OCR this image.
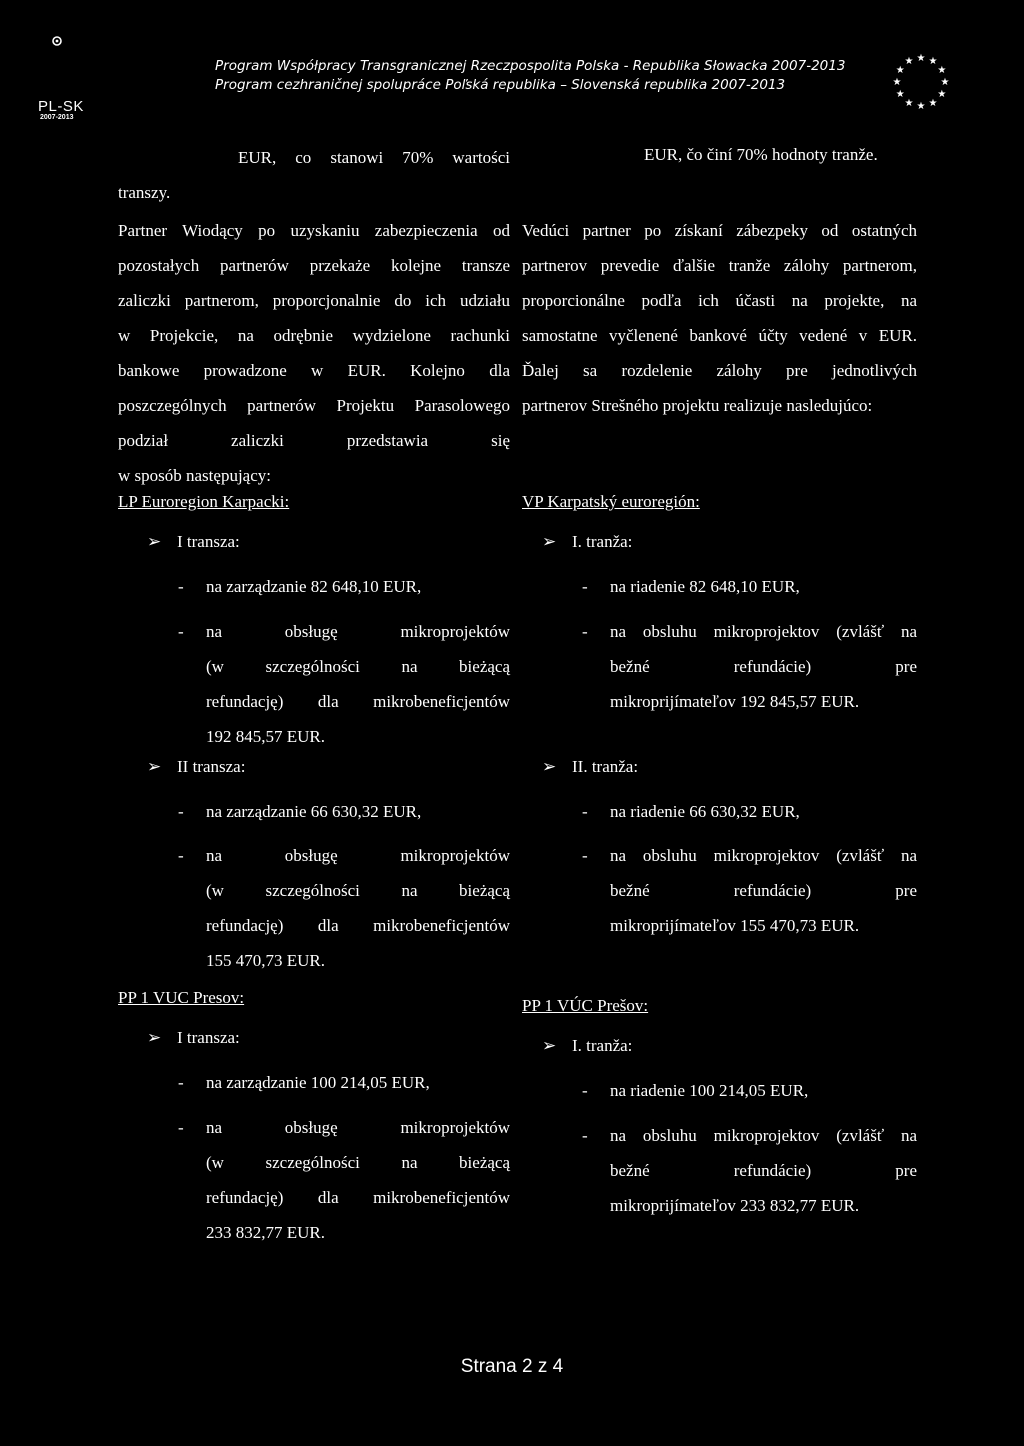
PL-SK
2007-2013
Program Współpracy Transgranicznej Rzeczpospolita Polska - Republika Słowacka 2007-2013
Program cezhraničnej spolupráce Poľská republika – Slovenská republika 2007-2013
★ ★
★
★
★
★
★
★
★
★
★
★
EUR, co stanowi 70% wartości
transzy.
Partner Wiodący po uzyskaniu zabezpieczenia od
pozostałych partnerów przekaże kolejne transze
zaliczki partnerom, proporcjonalnie do ich udziału
w Projekcie, na odrębnie wydzielone rachunki
bankowe prowadzone w EUR. Kolejno dla
poszczególnych partnerów Projektu Parasolowego
podział zaliczki przedstawia się
w sposób następujący:
LP Euroregion Karpacki:
➢ I transza:
- na zarządzanie 82 648,10 EUR,
- na obsługę mikroprojektów
(w szczególności na bieżącą
refundację) dla mikrobeneficjentów
192 845,57 EUR.
➢ II transza:
- na zarządzanie 66 630,32 EUR,
- na obsługę mikroprojektów
(w szczególności na bieżącą
refundację) dla mikrobeneficjentów
155 470,73 EUR.
PP 1 VUC Presov:
➢ I transza:
- na zarządzanie 100 214,05 EUR,
- na obsługę mikroprojektów
(w szczególności na bieżącą
refundację) dla mikrobeneficjentów
233 832,77 EUR.
EUR, čo činí 70% hodnoty tranže.
Vedúci partner po získaní zábezpeky od ostatných
partnerov prevedie ďalšie tranže zálohy partnerom,
proporcionálne podľa ich účasti na projekte, na
samostatne vyčlenené bankové účty vedené v EUR.
Ďalej sa rozdelenie zálohy pre jednotlivých
partnerov Strešného projektu realizuje nasledujúco:
VP Karpatský euroregión:
➢ I. tranža:
- na riadenie 82 648,10 EUR,
- na obsluhu mikroprojektov (zvlášť na
bežné refundácie) pre
mikroprijímateľov 192 845,57 EUR.
➢ II. tranža:
- na riadenie 66 630,32 EUR,
- na obsluhu mikroprojektov (zvlášť na
bežné refundácie) pre
mikroprijímateľov 155 470,73 EUR.
PP 1 VÚC Prešov:
➢ I. tranža:
- na riadenie 100 214,05 EUR,
- na obsluhu mikroprojektov (zvlášť na
bežné refundácie) pre
mikroprijímateľov 233 832,77 EUR.
Strana 2 z 4
